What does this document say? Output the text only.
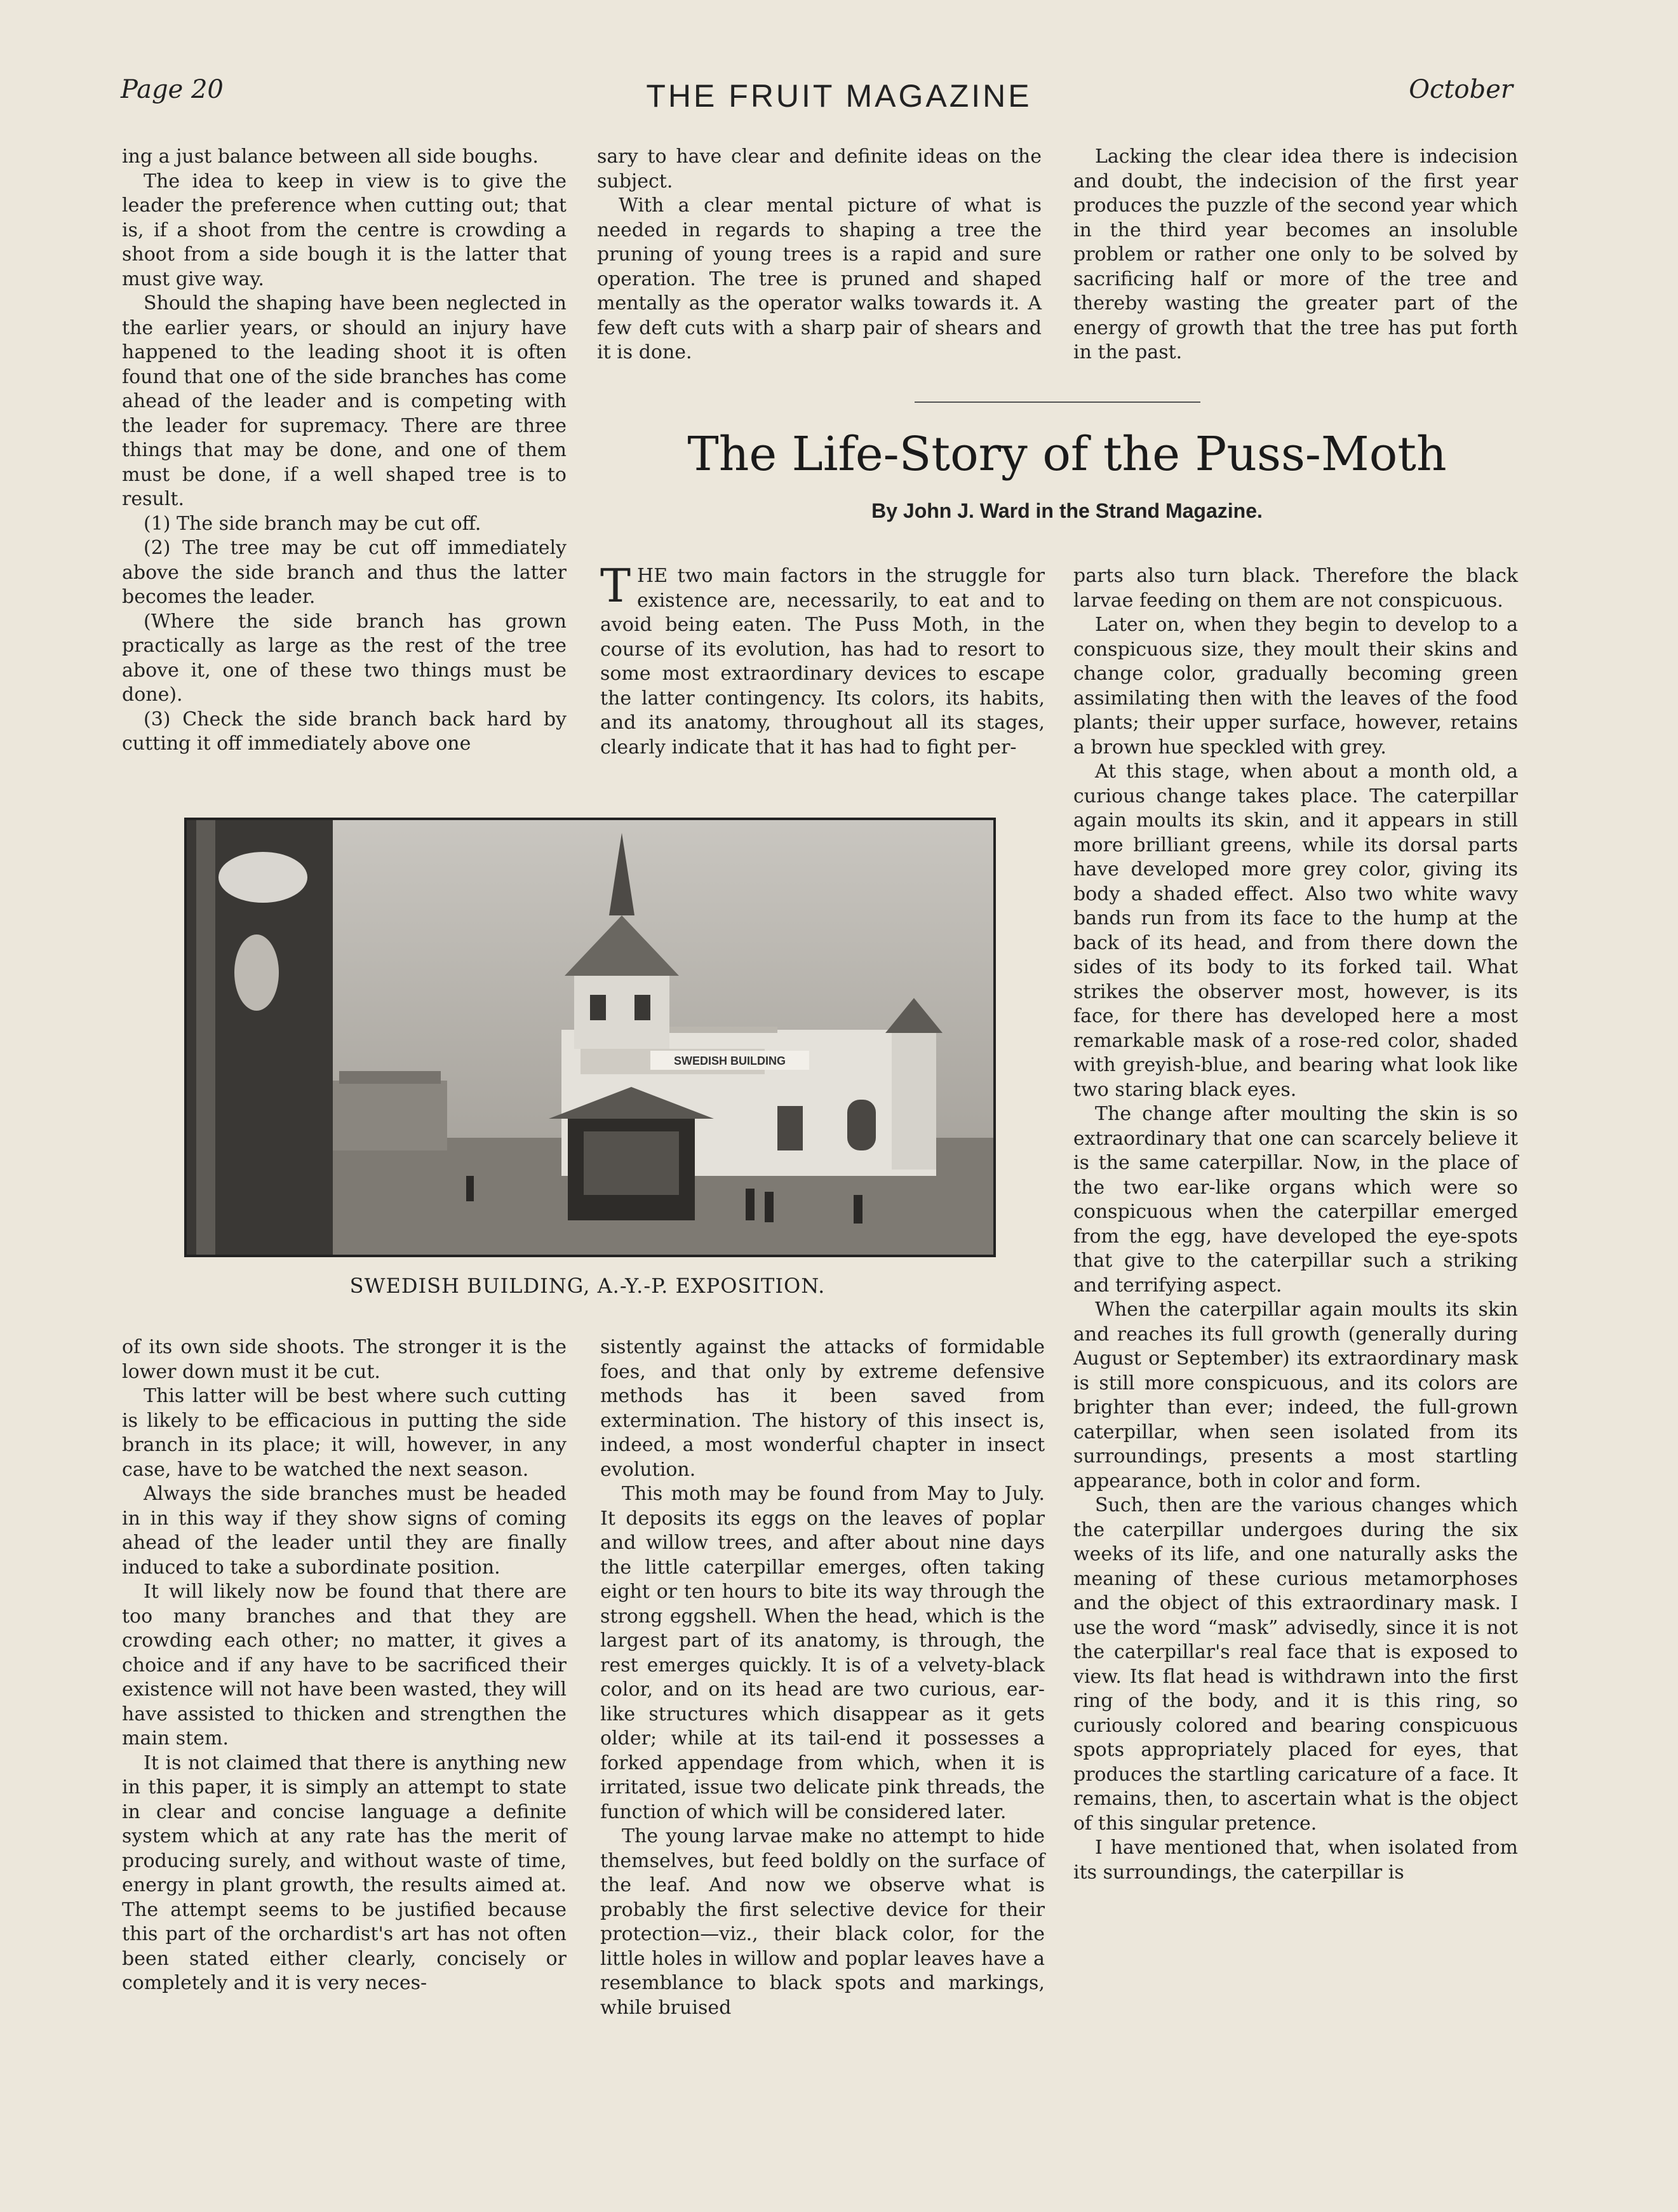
Page 20	THE FRUIT MAGAZINE	October

ing a just balance between all side boughs.

The idea to keep in view is to give the leader the preference when cutting out; that is, if a shoot from the centre is crowding a shoot from a side bough it is the latter that must give way.

Should the shaping have been neglected in the earlier years, or should an injury have happened to the leading shoot it is often found that one of the side branches has come ahead of the leader and is competing with the leader for supremacy. There are three things that may be done, and one of them must be done, if a well shaped tree is to result.

(1) The side branch may be cut off.

(2) The tree may be cut off immediately above the side branch and thus the latter becomes the leader.

(Where the side branch has grown practically as large as the rest of the tree above it, one of these two things must be done).

(3) Check the side branch back hard by cutting it off immediately above one

sary to have clear and definite ideas on the subject.

With a clear mental picture of what is needed in regards to shaping a tree the pruning of young trees is a rapid and sure operation. The tree is pruned and shaped mentally as the operator walks towards it. A few deft cuts with a sharp pair of shears and it is done.

Lacking the clear idea there is indecision and doubt, the indecision of the first year produces the puzzle of the second year which in the third year becomes an insoluble problem or rather one only to be solved by sacrificing half or more of the tree and thereby wasting the greater part of the energy of growth that the tree has put forth in the past.

The Life-Story of the Puss-Moth
By John J. Ward in the Strand Magazine.

THE two main factors in the struggle for existence are, necessarily, to eat and to avoid being eaten. The Puss Moth, in the course of its evolution, has had to resort to some most extraordinary devices to escape the latter contingency. Its colors, its habits, and its anatomy, throughout all its stages, clearly indicate that it has had to fight per-

SWEDISH BUILDING
SWEDISH BUILDING, A.-Y.-P. EXPOSITION.

parts also turn black. Therefore the black larvae feeding on them are not conspicuous.

Later on, when they begin to develop to a conspicuous size, they moult their skins and change color, gradually becoming green assimilating then with the leaves of the food plants; their upper surface, however, retains a brown hue speckled with grey.

At this stage, when about a month old, a curious change takes place. The caterpillar again moults its skin, and it appears in still more brilliant greens, while its dorsal parts have developed more grey color, giving its body a shaded effect. Also two white wavy bands run from its face to the hump at the back of its head, and from there down the sides of its body to its forked tail. What strikes the observer most, however, is its face, for there has developed here a most remarkable mask of a rose-red color, shaded with greyish-blue, and bearing what look like two staring black eyes.

The change after moulting the skin is so extraordinary that one can scarcely believe it is the same caterpillar. Now, in the place of the two ear-like organs which were so conspicuous when the caterpillar emerged from the egg, have developed the eye-spots that give to the caterpillar such a striking and terrifying aspect.

When the caterpillar again moults its skin and reaches its full growth (generally during August or September) its extraordinary mask is still more conspicuous, and its colors are brighter than ever; indeed, the full-grown caterpillar, when seen isolated from its surroundings, presents a most startling appearance, both in color and form.

Such, then are the various changes which the caterpillar undergoes during the six weeks of its life, and one naturally asks the meaning of these curious metamorphoses and the object of this extraordinary mask. I use the word “mask” advisedly, since it is not the caterpillar's real face that is exposed to view. Its flat head is withdrawn into the first ring of the body, and it is this ring, so curiously colored and bearing conspicuous spots appropriately placed for eyes, that produces the startling caricature of a face. It remains, then, to ascertain what is the object of this singular pretence.

I have mentioned that, when isolated from its surroundings, the caterpillar is

of its own side shoots. The stronger it is the lower down must it be cut.

This latter will be best where such cutting is likely to be efficacious in putting the side branch in its place; it will, however, in any case, have to be watched the next season.

Always the side branches must be headed in in this way if they show signs of coming ahead of the leader until they are finally induced to take a subordinate position.

It will likely now be found that there are too many branches and that they are crowding each other; no matter, it gives a choice and if any have to be sacrificed their existence will not have been wasted, they will have assisted to thicken and strengthen the main stem.

It is not claimed that there is anything new in this paper, it is simply an attempt to state in clear and concise language a definite system which at any rate has the merit of producing surely, and without waste of time, energy in plant growth, the results aimed at. The attempt seems to be justified because this part of the orchardist's art has not often been stated either clearly, concisely or completely and it is very neces-

sistently against the attacks of formidable foes, and that only by extreme defensive methods has it been saved from extermination. The history of this insect is, indeed, a most wonderful chapter in insect evolution.

This moth may be found from May to July. It deposits its eggs on the leaves of poplar and willow trees, and after about nine days the little caterpillar emerges, often taking eight or ten hours to bite its way through the strong eggshell. When the head, which is the largest part of its anatomy, is through, the rest emerges quickly. It is of a velvety-black color, and on its head are two curious, ear-like structures which disappear as it gets older; while at its tail-end it possesses a forked appendage from which, when it is irritated, issue two delicate pink threads, the function of which will be considered later.

The young larvae make no attempt to hide themselves, but feed boldly on the surface of the leaf. And now we observe what is probably the first selective device for their protection—viz., their black color, for the little holes in willow and poplar leaves have a resemblance to black spots and markings, while bruised
